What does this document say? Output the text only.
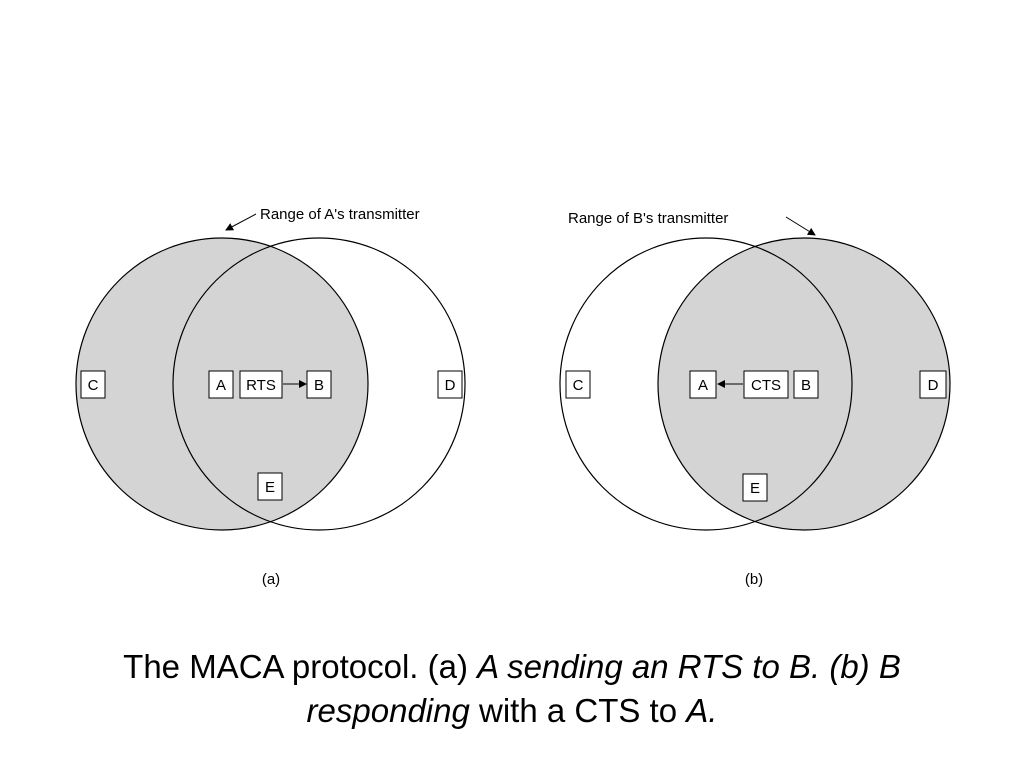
Range of A's transmitter
C	A RTS	B	D
E
(a)
Range of B's transmitter
C	A	CTS B	D
E
(b)
The MACA protocol. (a) A sending an RTS to B. (b) B
responding with a CTS to A.
